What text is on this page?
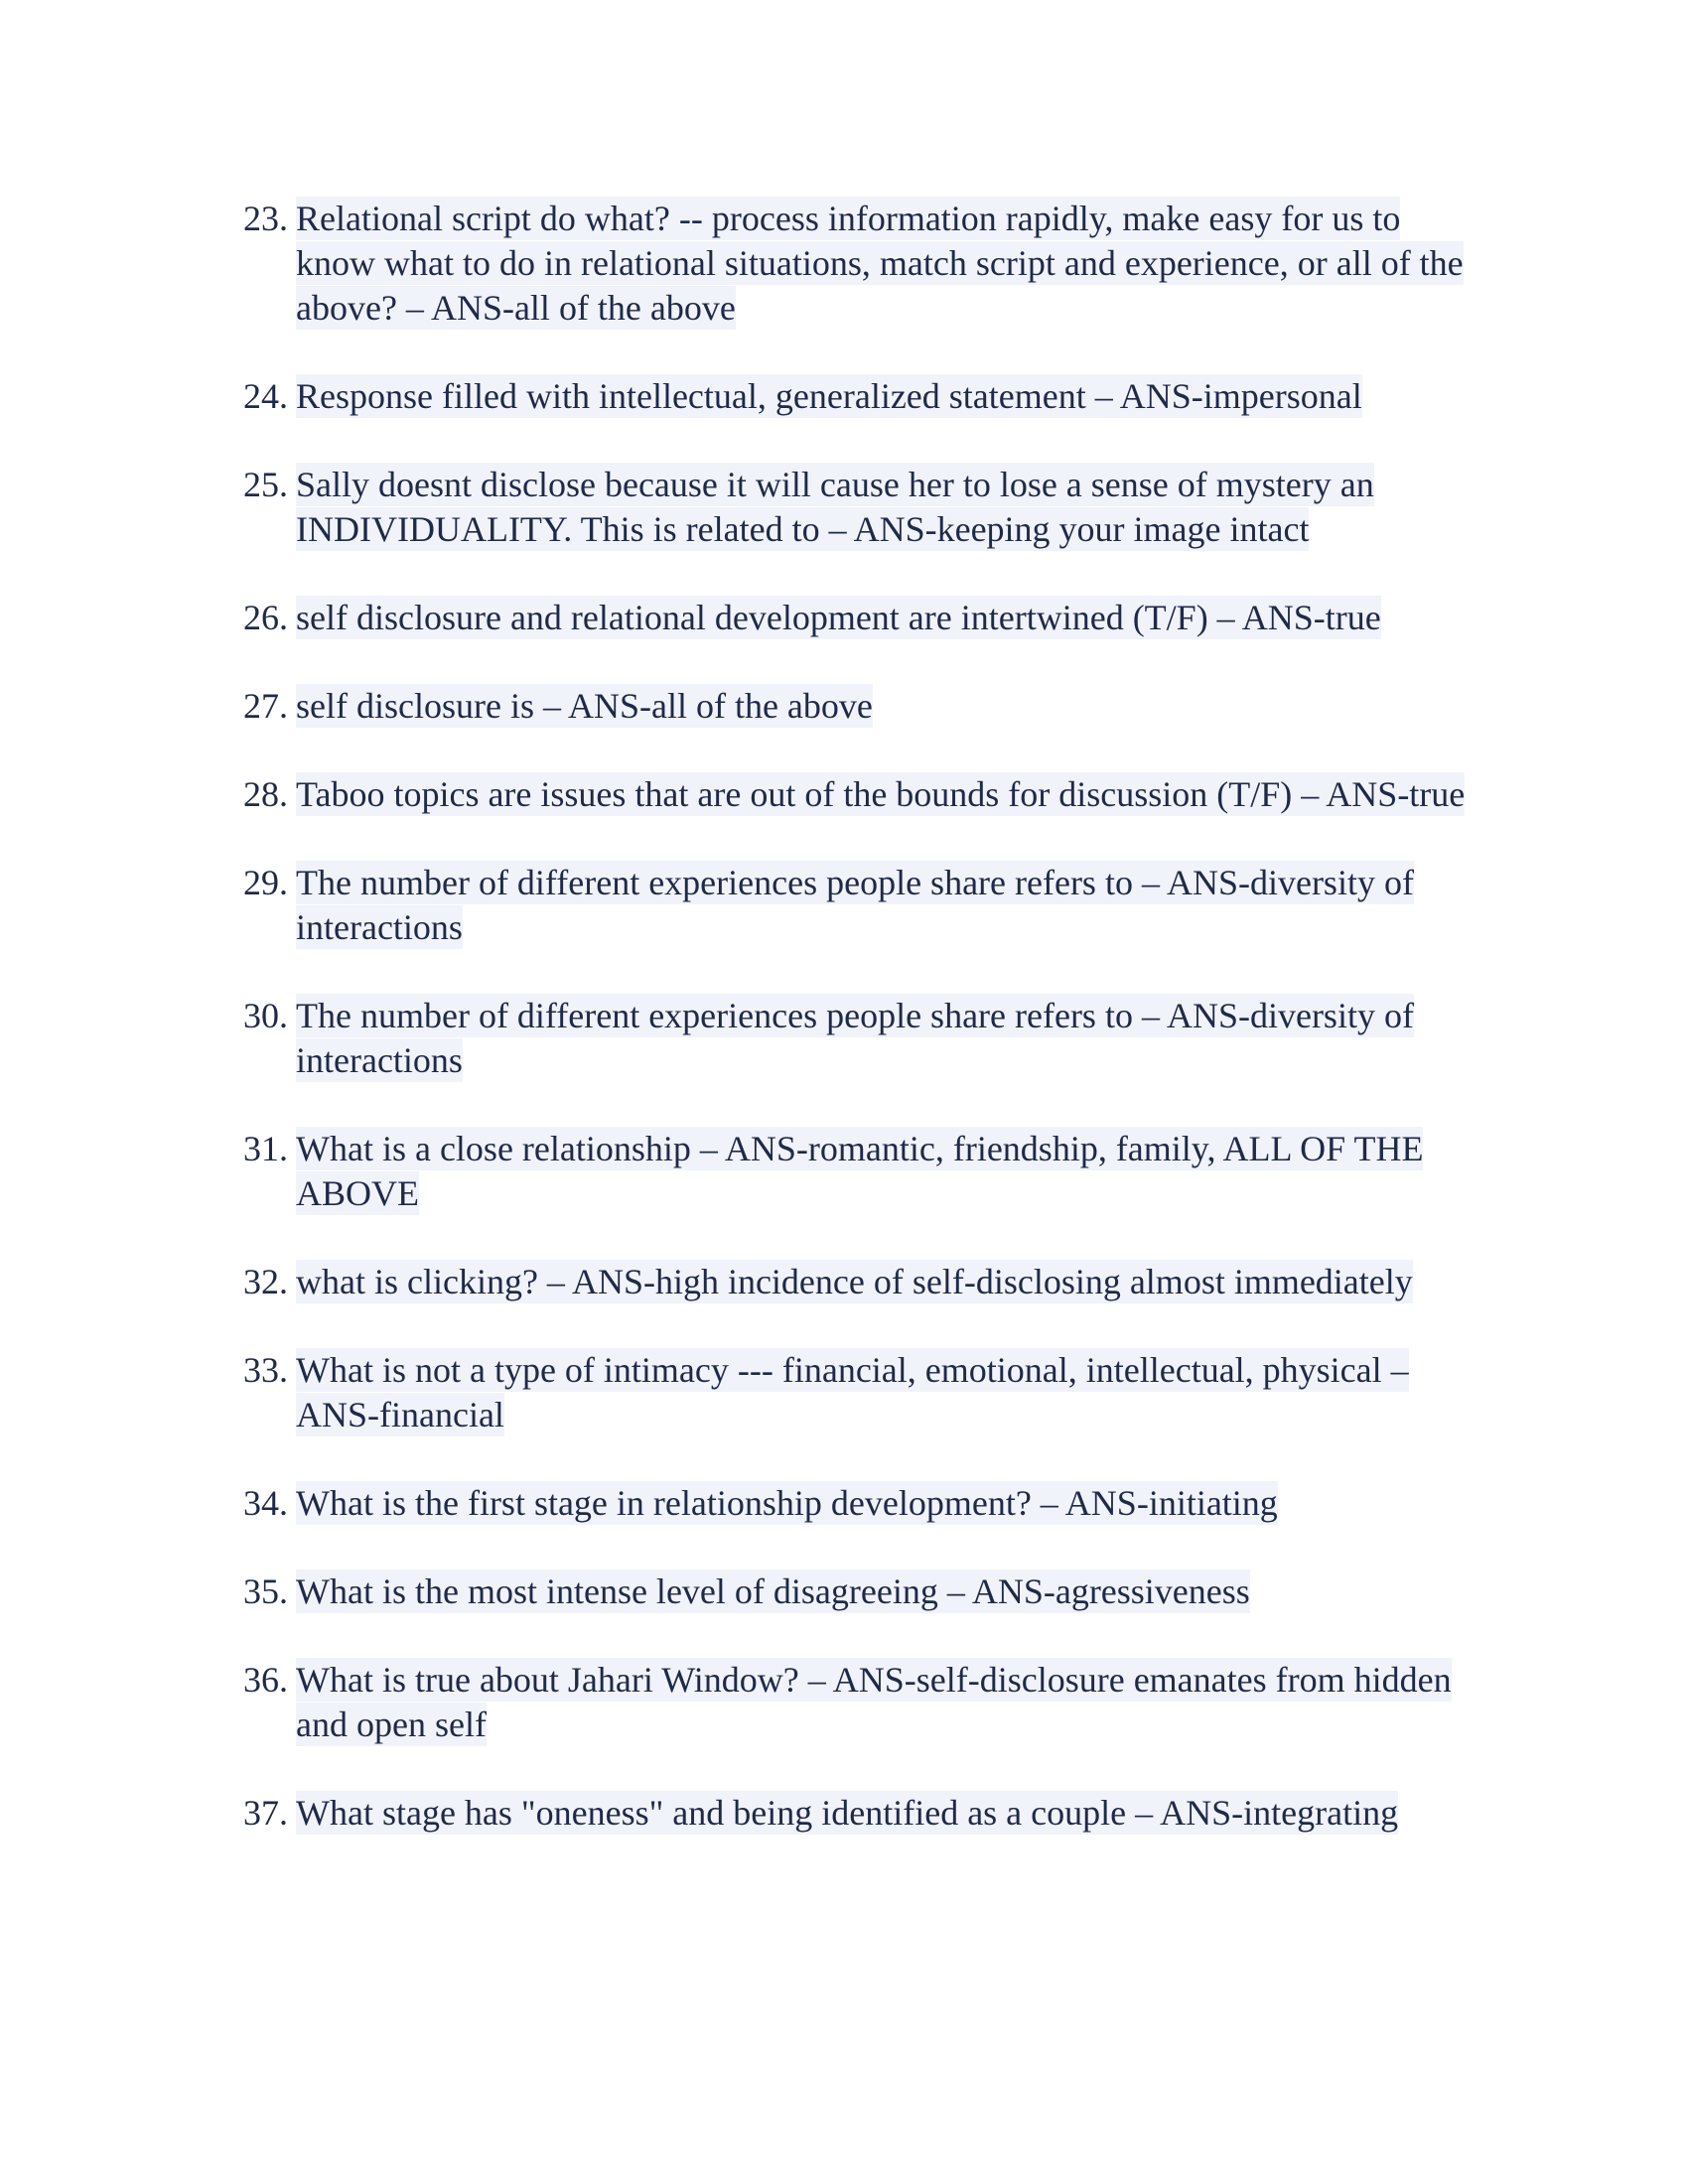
23. Relational script do what? -- process information rapidly, make easy for us to know what to do in relational situations, match script and experience, or all of the above? – ANS-all of the above
24. Response filled with intellectual, generalized statement – ANS-impersonal
25. Sally doesnt disclose because it will cause her to lose a sense of mystery an INDIVIDUALITY. This is related to – ANS-keeping your image intact
26. self disclosure and relational development are intertwined (T/F) – ANS-true
27. self disclosure is – ANS-all of the above
28. Taboo topics are issues that are out of the bounds for discussion (T/F) – ANS-true
29. The number of different experiences people share refers to – ANS-diversity of interactions
30. The number of different experiences people share refers to – ANS-diversity of interactions
31. What is a close relationship – ANS-romantic, friendship, family, ALL OF THE ABOVE
32. what is clicking? – ANS-high incidence of self-disclosing almost immediately
33. What is not a type of intimacy --- financial, emotional, intellectual, physical – ANS-financial
34. What is the first stage in relationship development? – ANS-initiating
35. What is the most intense level of disagreeing – ANS-agressiveness
36. What is true about Jahari Window? – ANS-self-disclosure emanates from hidden and open self
37. What stage has "oneness" and being identified as a couple – ANS-integrating
